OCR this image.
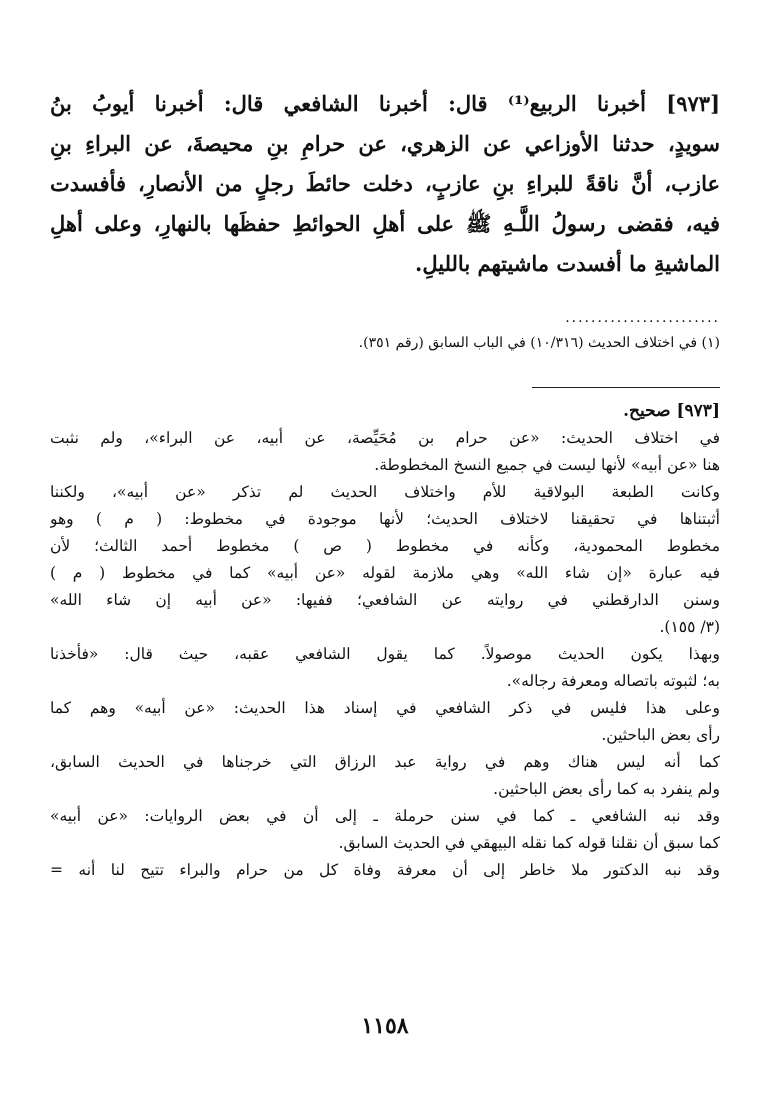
[٩٧٣] أخبرنا الربيع⁽¹⁾ قال: أخبرنا الشافعي قال: أخبرنا أيوبُ بنُ
سويدٍ، حدثنا الأوزاعي عن الزهري، عن حرامِ بنِ محيصةَ، عن البراءِ بنِ
عازب، أنَّ ناقةً للبراءِ بنِ عازبٍ، دخلت حائطَ رجلٍ من الأنصارِ، فأفسدت
فيه، فقضى رسولُ اللَّـهِ ﷺ على أهلِ الحوائطِ حفظَها بالنهارِ، وعلى أهلِ
الماشيةِ ما أفسدت ماشيتهم بالليلِ.
........................
(١) في اختلاف الحديث (١٠/٣١٦) في الباب السابق (رقم ٣٥١).
[٩٧٣] صحيح.
في اختلاف الحديث: «عن حرام بن مُحَيِّصة، عن أبيه، عن البراء»، ولم نثبت
هنا «عن أبيه» لأنها ليست في جميع النسخ المخطوطة.
وكانت الطبعة البولاقية للأم واختلاف الحديث لم تذكر «عن أبيه»، ولكننا
أثبتناها في تحقيقنا لاختلاف الحديث؛ لأنها موجودة في مخطوط: ( م ) وهو
مخطوط المحمودية، وكأنه في مخطوط ( ص ) مخطوط أحمد الثالث؛ لأن
فيه عبارة «إن شاء الله» وهي ملازمة لقوله «عن أبيه» كما في مخطوط ( م )
وسنن الدارقطني في روايته عن الشافعي؛ ففيها: «عن أبيه إن شاء الله»
(٣/ ١٥٥).
وبهذا يكون الحديث موصولاً. كما يقول الشافعي عقبه، حيث قال: «فأخذنا
به؛ لثبوته باتصاله ومعرفة رجاله».
وعلى هذا فليس في ذكر الشافعي في إسناد هذا الحديث: «عن أبيه» وهم كما
رأى بعض الباحثين.
كما أنه ليس هناك وهم في رواية عبد الرزاق التي خرجناها في الحديث السابق،
ولم ينفرد به كما رأى بعض الباحثين.
وقد نبه الشافعي ـ كما في سنن حرملة ـ إلى أن في بعض الروايات: «عن أبيه»
كما سبق أن نقلنا قوله كما نقله البيهقي في الحديث السابق.
وقد نبه الدكتور ملا خاطر إلى أن معرفة وفاة كل من حرام والبراء تتيح لنا أنه =
١١٥٨
